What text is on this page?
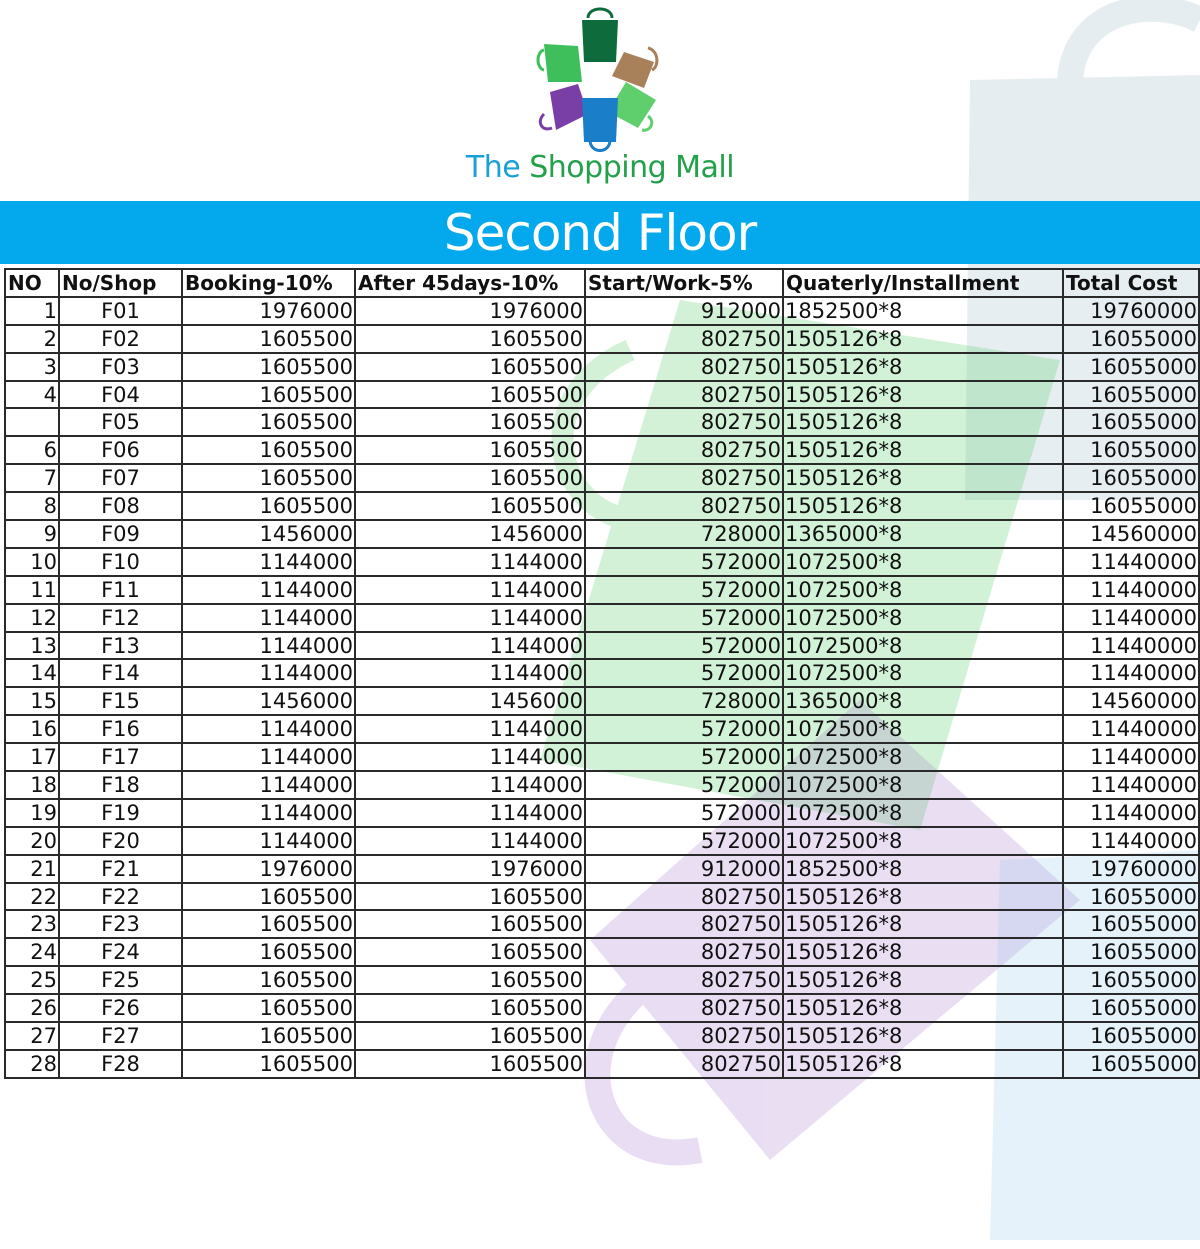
The Shopping Mall
Second Floor
NO	No/Shop	Booking-10%	After 45days-10%	Start/Work-5%	Quaterly/Installment	Total Cost
1	F01	1976000	1976000	912000	1852500*8	19760000
2	F02	1605500	1605500	802750	1505126*8	16055000
3	F03	1605500	1605500	802750	1505126*8	16055000
4	F04	1605500	1605500	802750	1505126*8	16055000
	F05	1605500	1605500	802750	1505126*8	16055000
6	F06	1605500	1605500	802750	1505126*8	16055000
7	F07	1605500	1605500	802750	1505126*8	16055000
8	F08	1605500	1605500	802750	1505126*8	16055000
9	F09	1456000	1456000	728000	1365000*8	14560000
10	F10	1144000	1144000	572000	1072500*8	11440000
11	F11	1144000	1144000	572000	1072500*8	11440000
12	F12	1144000	1144000	572000	1072500*8	11440000
13	F13	1144000	1144000	572000	1072500*8	11440000
14	F14	1144000	1144000	572000	1072500*8	11440000
15	F15	1456000	1456000	728000	1365000*8	14560000
16	F16	1144000	1144000	572000	1072500*8	11440000
17	F17	1144000	1144000	572000	1072500*8	11440000
18	F18	1144000	1144000	572000	1072500*8	11440000
19	F19	1144000	1144000	572000	1072500*8	11440000
20	F20	1144000	1144000	572000	1072500*8	11440000
21	F21	1976000	1976000	912000	1852500*8	19760000
22	F22	1605500	1605500	802750	1505126*8	16055000
23	F23	1605500	1605500	802750	1505126*8	16055000
24	F24	1605500	1605500	802750	1505126*8	16055000
25	F25	1605500	1605500	802750	1505126*8	16055000
26	F26	1605500	1605500	802750	1505126*8	16055000
27	F27	1605500	1605500	802750	1505126*8	16055000
28	F28	1605500	1605500	802750	1505126*8	16055000
